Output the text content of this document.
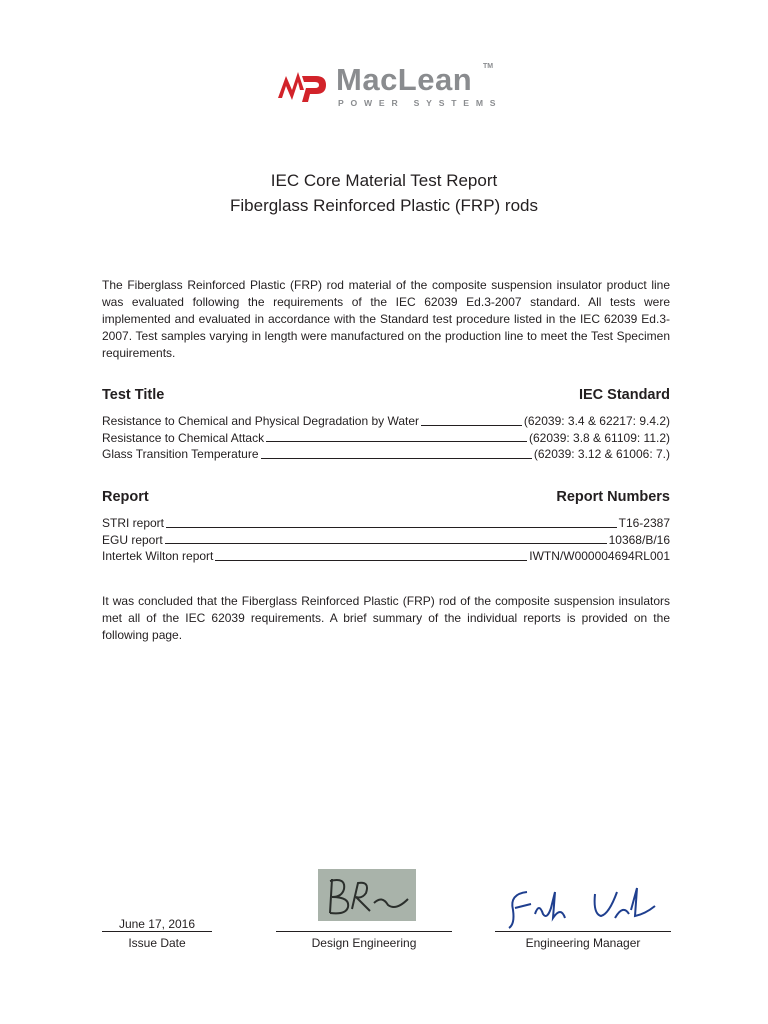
MacLean TM
POWER SYSTEMS
IEC Core Material Test Report
Fiberglass Reinforced Plastic (FRP) rods
The Fiberglass Reinforced Plastic (FRP) rod material of the composite suspension insulator product line was evaluated following the requirements of the IEC 62039 Ed.3-2007 standard. All tests were implemented and evaluated in accordance with the Standard test procedure listed in the IEC 62039 Ed.3-2007. Test samples varying in length were manufactured on the production line to meet the Test Specimen requirements.
Test Title	IEC Standard
Resistance to Chemical and Physical Degradation by Water	(62039: 3.4 & 62217: 9.4.2)
Resistance to Chemical Attack	(62039: 3.8 & 61109: 11.2)
Glass Transition Temperature	(62039: 3.12 & 61006: 7.)
Report	Report Numbers
STRI report	T16-2387
EGU report	10368/B/16
Intertek Wilton report	IWTN/W000004694RL001
It was concluded that the Fiberglass Reinforced Plastic (FRP) rod of the composite suspension insulators met all of the IEC 62039 requirements. A brief summary of the individual reports is provided on the following page.
June 17, 2016
Issue Date	Design Engineering	Engineering Manager
